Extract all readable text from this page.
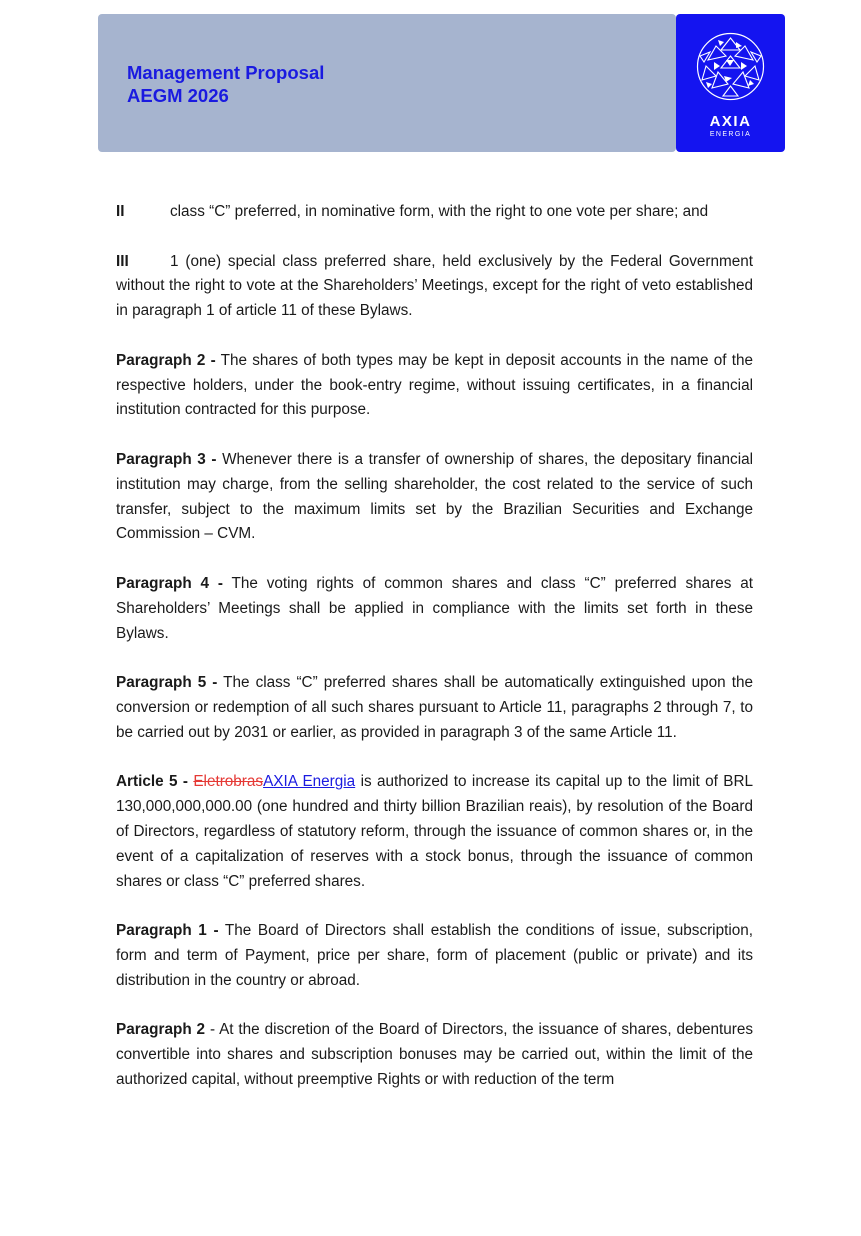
Management Proposal
AEGM 2026
AXIA
ENERGIA

II	class “C” preferred, in nominative form, with the right to one vote per share; and

III	1 (one) special class preferred share, held exclusively by the Federal Government without the right to vote at the Shareholders’ Meetings, except for the right of veto established in paragraph 1 of article 11 of these Bylaws.

Paragraph 2 - The shares of both types may be kept in deposit accounts in the name of the respective holders, under the book-entry regime, without issuing certificates, in a financial institution contracted for this purpose.

Paragraph 3 - Whenever there is a transfer of ownership of shares, the depositary financial institution may charge, from the selling shareholder, the cost related to the service of such transfer, subject to the maximum limits set by the Brazilian Securities and Exchange Commission – CVM.

Paragraph 4 - The voting rights of common shares and class “C” preferred shares at Shareholders’ Meetings shall be applied in compliance with the limits set forth in these Bylaws.

Paragraph 5 - The class “C” preferred shares shall be automatically extinguished upon the conversion or redemption of all such shares pursuant to Article 11, paragraphs 2 through 7, to be carried out by 2031 or earlier, as provided in paragraph 3 of the same Article 11.

Article 5 - EletrobrasAXIA Energia is authorized to increase its capital up to the limit of BRL 130,000,000,000.00 (one hundred and thirty billion Brazilian reais), by resolution of the Board of Directors, regardless of statutory reform, through the issuance of common shares or, in the event of a capitalization of reserves with a stock bonus, through the issuance of common shares or class “C” preferred shares.

Paragraph 1 - The Board of Directors shall establish the conditions of issue, subscription, form and term of Payment, price per share, form of placement (public or private) and its distribution in the country or abroad.

Paragraph 2 - At the discretion of the Board of Directors, the issuance of shares, debentures convertible into shares and subscription bonuses may be carried out, within the limit of the authorized capital, without preemptive Rights or with reduction of the term
